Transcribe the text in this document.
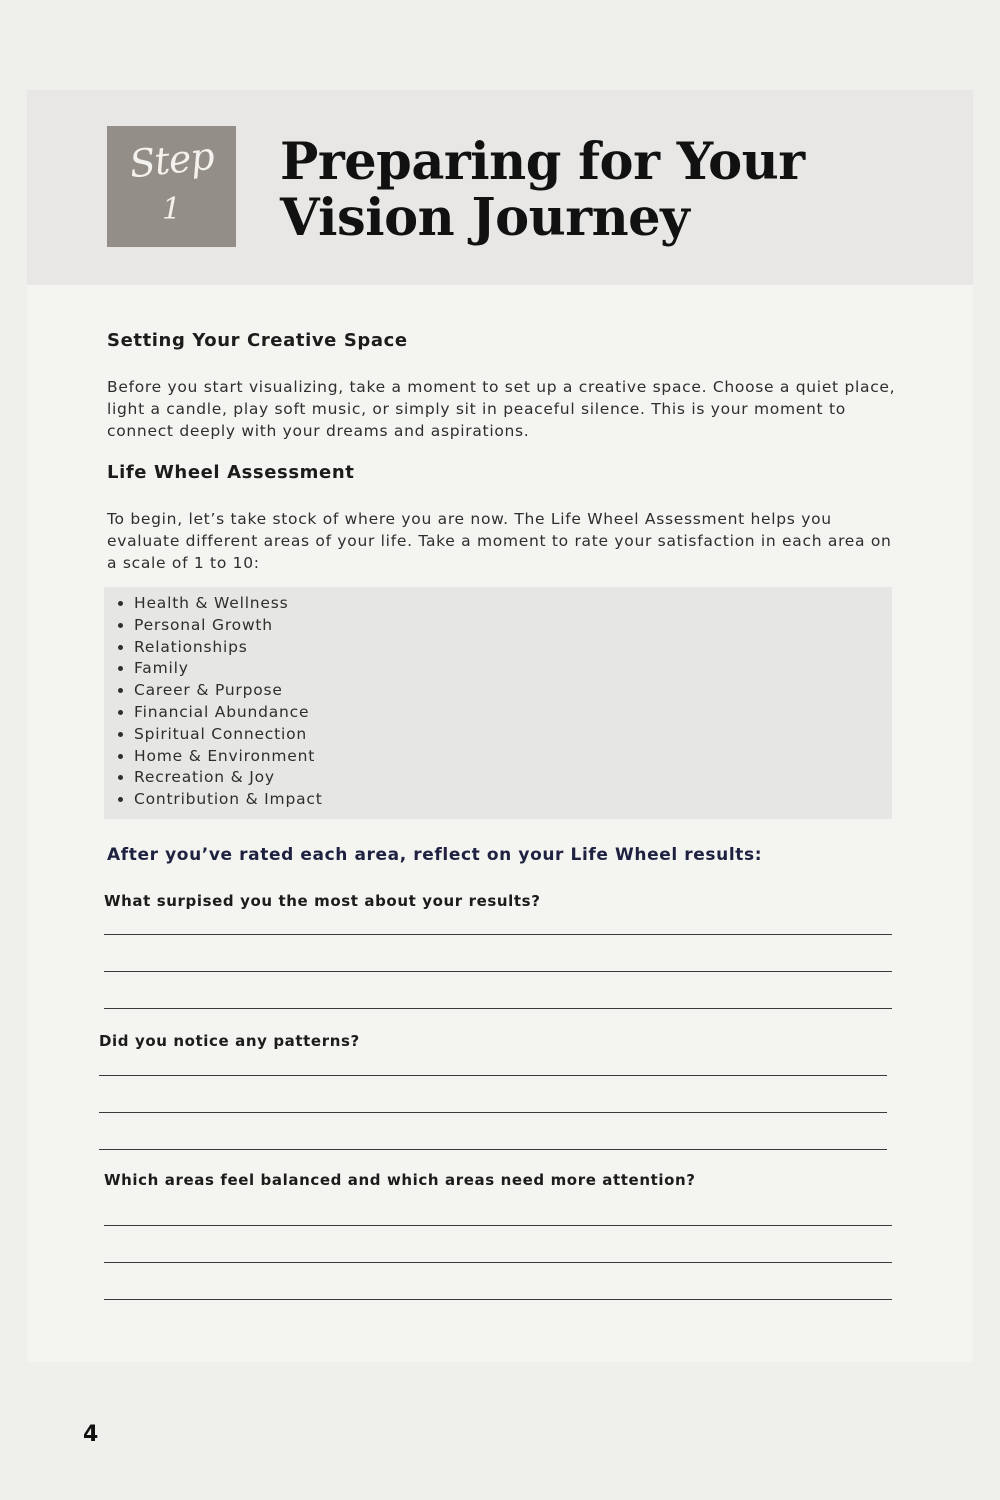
Step
1
Preparing for Your
Vision Journey
Setting Your Creative Space

Before you start visualizing, take a moment to set up a creative space. Choose a quiet place, light a candle, play soft music, or simply sit in peaceful silence. This is your moment to connect deeply with your dreams and aspirations.

Life Wheel Assessment

To begin, let’s take stock of where you are now. The Life Wheel Assessment helps you evaluate different areas of your life. Take a moment to rate your satisfaction in each area on a scale of 1 to 10:

• Health & Wellness
• Personal Growth
• Relationships
• Family
• Career & Purpose
• Financial Abundance
• Spiritual Connection
• Home & Environment
• Recreation & Joy
• Contribution & Impact

After you’ve rated each area, reflect on your Life Wheel results:

What surpised you the most about your results?

Did you notice any patterns?

Which areas feel balanced and which areas need more attention?

4
